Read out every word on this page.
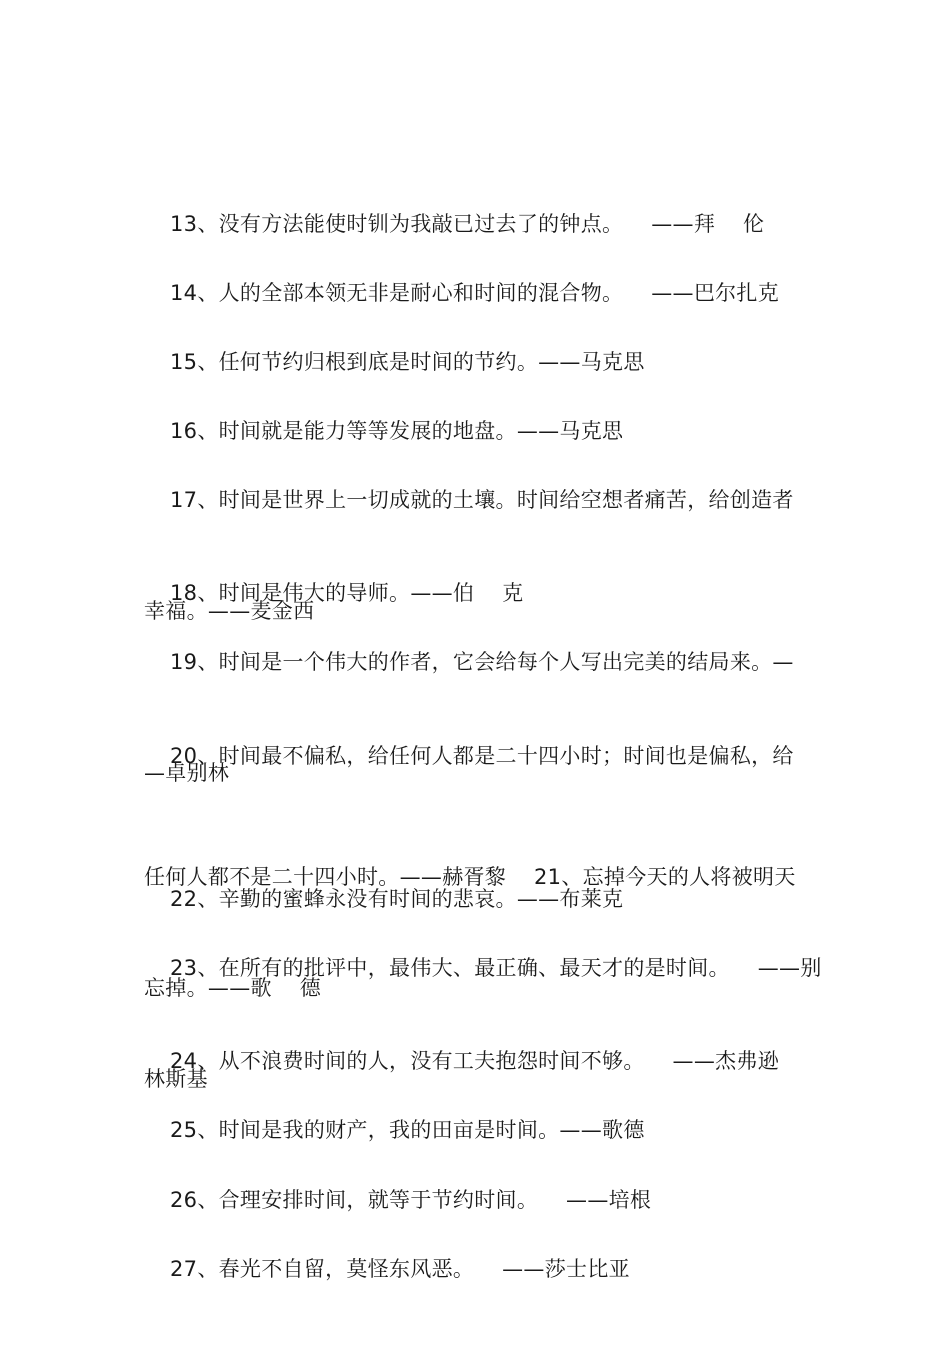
13、没有方法能使时钏为我敲已过去了的钟点。    ——拜    伦

14、人的全部本领无非是耐心和时间的混合物。    ——巴尔扎克

15、任何节约归根到底是时间的节约。——马克思

16、时间就是能力等等发展的地盘。——马克思

17、时间是世界上一切成就的土壤。时间给空想者痛苦，给创造者

幸福。——麦金西

18、时间是伟大的导师。——伯    克

19、时间是一个伟大的作者，它会给每个人写出完美的结局来。—

—卓别林

20、时间最不偏私，给任何人都是二十四小时；时间也是偏私，给

任何人都不是二十四小时。——赫胥黎    21、忘掉今天的人将被明天

忘掉。——歌    德

22、辛勤的蜜蜂永没有时间的悲哀。——布莱克

23、在所有的批评中，最伟大、最正确、最天才的是时间。    ——别

林斯基

24、从不浪费时间的人，没有工夫抱怨时间不够。    ——杰弗逊

25、时间是我的财产，我的田亩是时间。——歌德

26、合理安排时间，就等于节约时间。    ——培根

27、春光不自留，莫怪东风恶。    ——莎士比亚
